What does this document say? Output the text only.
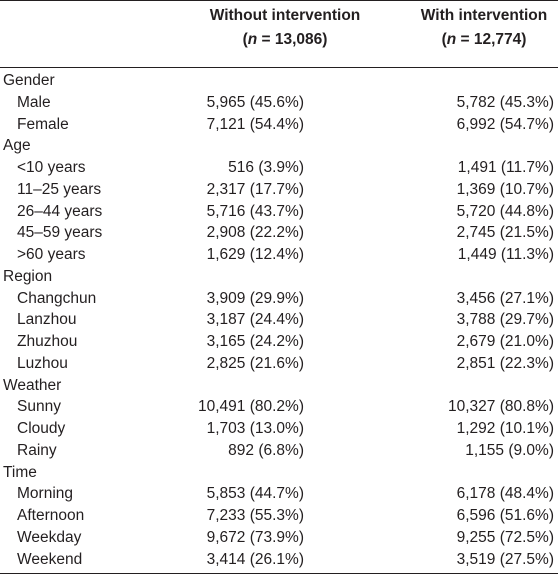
Without intervention
(n = 13,086)
With intervention
(n = 12,774)
Gender
Male	5,965 (45.6%)	5,782 (45.3%)
Female	7,121 (54.4%)	6,992 (54.7%)
Age
<10 years	516 (3.9%)	1,491 (11.7%)
11–25 years	2,317 (17.7%)	1,369 (10.7%)
26–44 years	5,716 (43.7%)	5,720 (44.8%)
45–59 years	2,908 (22.2%)	2,745 (21.5%)
>60 years	1,629 (12.4%)	1,449 (11.3%)
Region
Changchun	3,909 (29.9%)	3,456 (27.1%)
Lanzhou	3,187 (24.4%)	3,788 (29.7%)
Zhuzhou	3,165 (24.2%)	2,679 (21.0%)
Luzhou	2,825 (21.6%)	2,851 (22.3%)
Weather
Sunny	10,491 (80.2%)	10,327 (80.8%)
Cloudy	1,703 (13.0%)	1,292 (10.1%)
Rainy	892 (6.8%)	1,155 (9.0%)
Time
Morning	5,853 (44.7%)	6,178 (48.4%)
Afternoon	7,233 (55.3%)	6,596 (51.6%)
Weekday	9,672 (73.9%)	9,255 (72.5%)
Weekend	3,414 (26.1%)	3,519 (27.5%)
